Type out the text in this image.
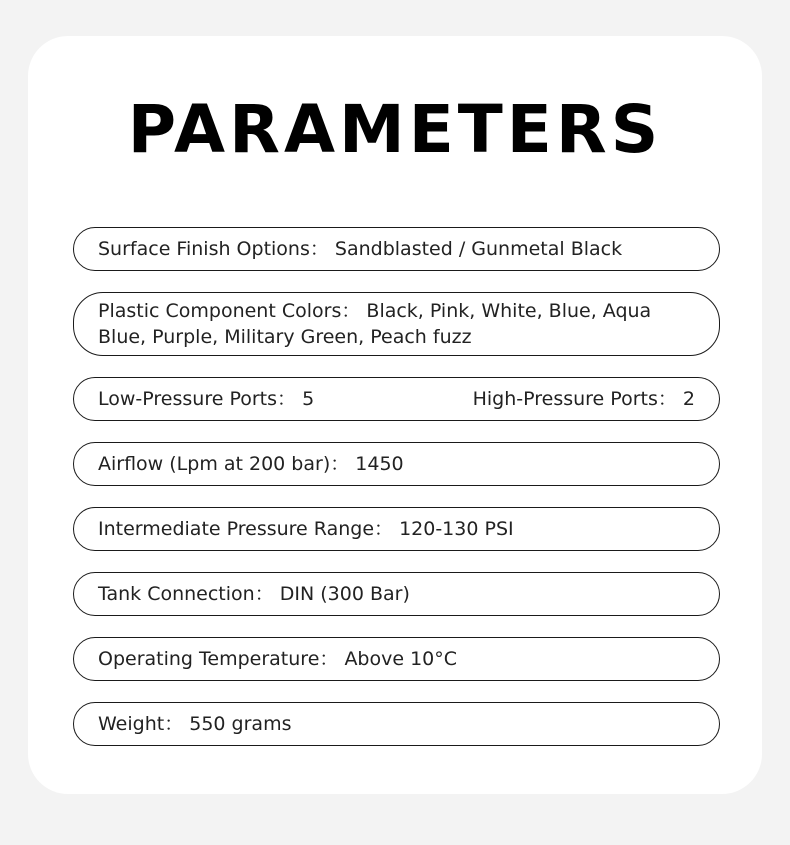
PARAMETERS
Surface Finish Options ： Sandblasted / Gunmetal Black
Plastic Component Colors： Black, Pink, White, Blue, Aqua Blue, Purple, Military Green, Peach fuzz
Low-Pressure Ports： 5	High-Pressure Ports： 2
Airflow (Lpm at 200 bar) ： 1450
Intermediate Pressure Range ： 120-130 PSI
Tank Connection ： DIN (300 Bar)
Operating Temperature ： Above 10°C
Weight ： 550 grams
